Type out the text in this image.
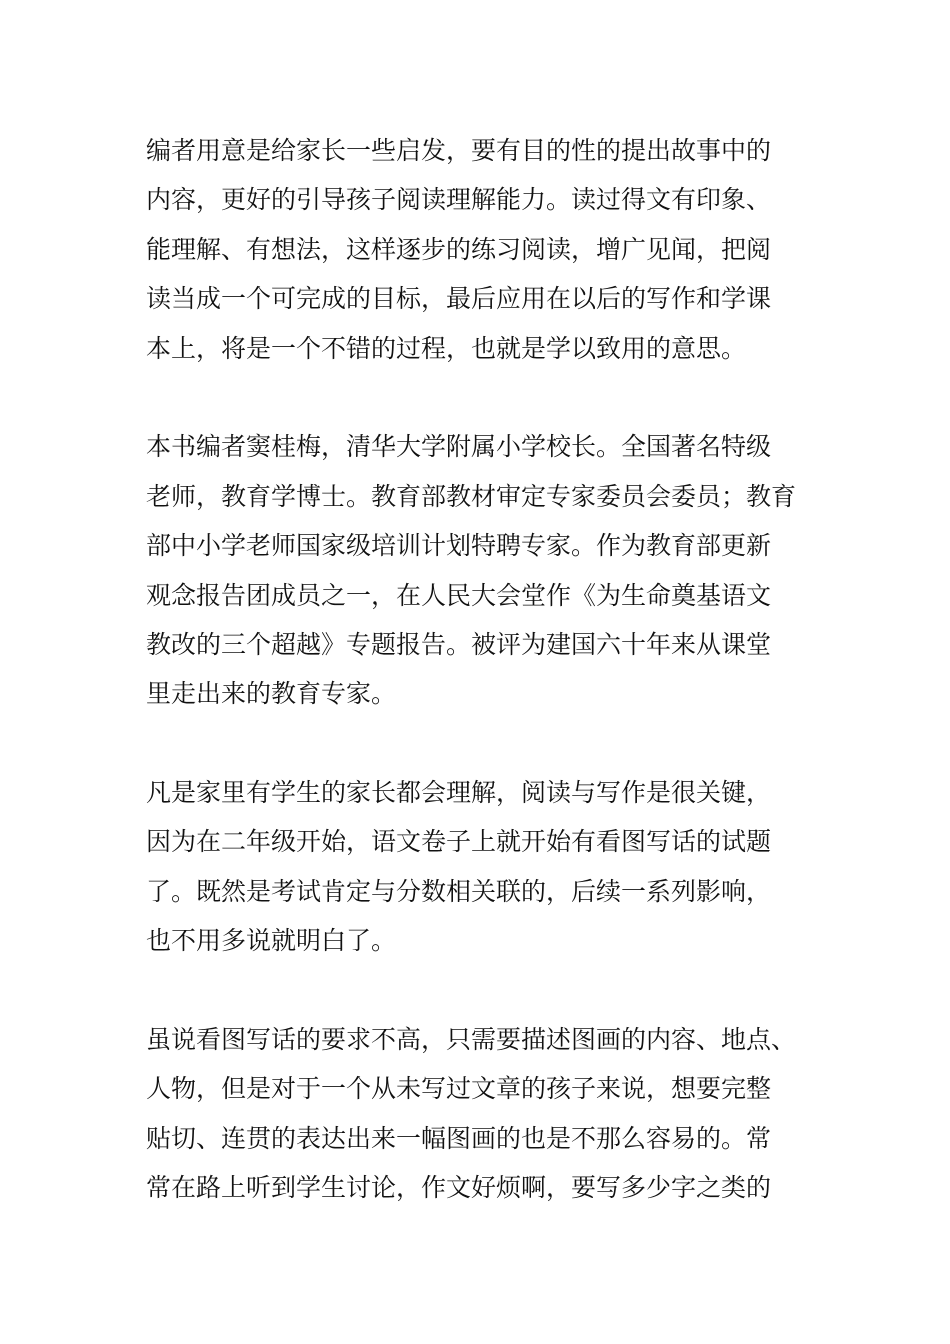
编者用意是给家长一些启发，要有目的性的提出故事中的
内容，更好的引导孩子阅读理解能力。读过得文有印象、
能理解、有想法，这样逐步的练习阅读，增广见闻，把阅
读当成一个可完成的目标，最后应用在以后的写作和学课
本上，将是一个不错的过程，也就是学以致用的意思。
本书编者窦桂梅，清华大学附属小学校长。全国著名特级
老师，教育学博士。教育部教材审定专家委员会委员；教育
部中小学老师国家级培训计划特聘专家。作为教育部更新
观念报告团成员之一，在人民大会堂作《为生命奠基语文
教改的三个超越》专题报告。被评为建国六十年来从课堂
里走出来的教育专家。
凡是家里有学生的家长都会理解，阅读与写作是很关键，
因为在二年级开始，语文卷子上就开始有看图写话的试题
了。既然是考试肯定与分数相关联的，后续一系列影响，
也不用多说就明白了。
虽说看图写话的要求不高，只需要描述图画的内容、地点、
人物，但是对于一个从未写过文章的孩子来说，想要完整
贴切、连贯的表达出来一幅图画的也是不那么容易的。常
常在路上听到学生讨论，作文好烦啊，要写多少字之类的
